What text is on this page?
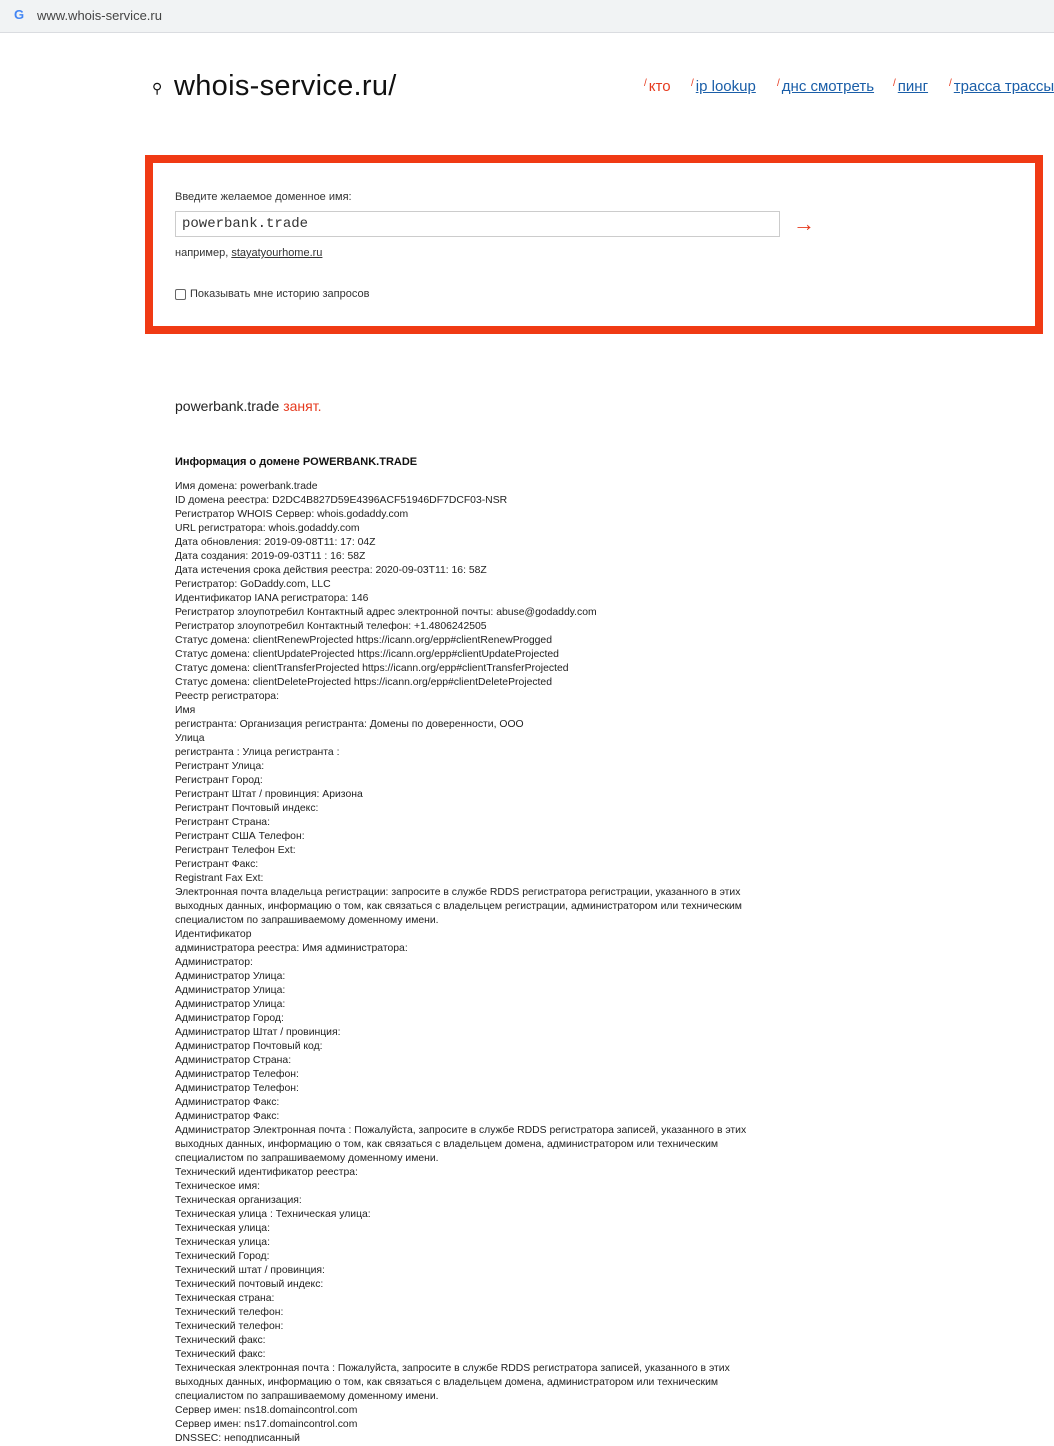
G www.whois-service.ru
⚲ whois-service.ru/	/ кто / ip lookup / днс смотреть / пинг / трасса трассы
Введите желаемое доменное имя:
powerbank.trade
→
например, stayatyourhome.ru
Показывать мне историю запросов
powerbank.trade занят.
Информация о домене POWERBANK.TRADE
Имя домена: powerbank.trade
ID домена реестра: D2DC4B827D59E4396ACF51946DF7DCF03-NSR
Регистратор WHOIS Сервер: whois.godaddy.com
URL регистратора: whois.godaddy.com
Дата обновления: 2019-09-08T11: 17: 04Z
Дата создания: 2019-09-03T11 : 16: 58Z
Дата истечения срока действия реестра: 2020-09-03T11: 16: 58Z
Регистратор: GoDaddy.com, LLC
Идентификатор IANA регистратора: 146
Регистратор злоупотребил Контактный адрес электронной почты: abuse@godaddy.com
Регистратор злоупотребил Контактный телефон: +1.4806242505
Статус домена: clientRenewProjected https://icann.org/epp#clientRenewProgged
Статус домена: clientUpdateProjected https://icann.org/epp#clientUpdateProjected
Статус домена: clientTransferProjected https://icann.org/epp#clientTransferProjected
Статус домена: clientDeleteProjected https://icann.org/epp#clientDeleteProjected
Реестр регистратора:
Имя
регистранта: Организация регистранта: Домены по доверенности, ООО
Улица
регистранта : Улица регистранта :
Регистрант Улица:
Регистрант Город:
Регистрант Штат / провинция: Аризона
Регистрант Почтовый индекс:
Регистрант Страна:
Регистрант США Телефон:
Регистрант Телефон Ext:
Регистрант Факс:
Registrant Fax Ext:
Электронная почта владельца регистрации: запросите в службе RDDS регистратора регистрации, указанного в этих
выходных данных, информацию о том, как связаться с владельцем регистрации, администратором или техническим
специалистом по запрашиваемому доменному имени.
Идентификатор
администратора реестра: Имя администратора:
Администратор:
Администратор Улица:
Администратор Улица:
Администратор Улица:
Администратор Город:
Администратор Штат / провинция:
Администратор Почтовый код:
Администратор Страна:
Администратор Телефон:
Администратор Телефон:
Администратор Факс:
Администратор Факс:
Администратор Электронная почта : Пожалуйста, запросите в службе RDDS регистратора записей, указанного в этих
выходных данных, информацию о том, как связаться с владельцем домена, администратором или техническим
специалистом по запрашиваемому доменному имени.
Технический идентификатор реестра:
Техническое имя:
Техническая организация:
Техническая улица : Техническая улица:
Техническая улица:
Техническая улица:
Технический Город:
Технический штат / провинция:
Технический почтовый индекс:
Техническая страна:
Технический телефон:
Технический телефон:
Технический факс:
Технический факс:
Техническая электронная почта : Пожалуйста, запросите в службе RDDS регистратора записей, указанного в этих
выходных данных, информацию о том, как связаться с владельцем домена, администратором или техническим
специалистом по запрашиваемому доменному имени.
Сервер имен: ns18.domaincontrol.com
Сервер имен: ns17.domaincontrol.com
DNSSEC: неподписанный
